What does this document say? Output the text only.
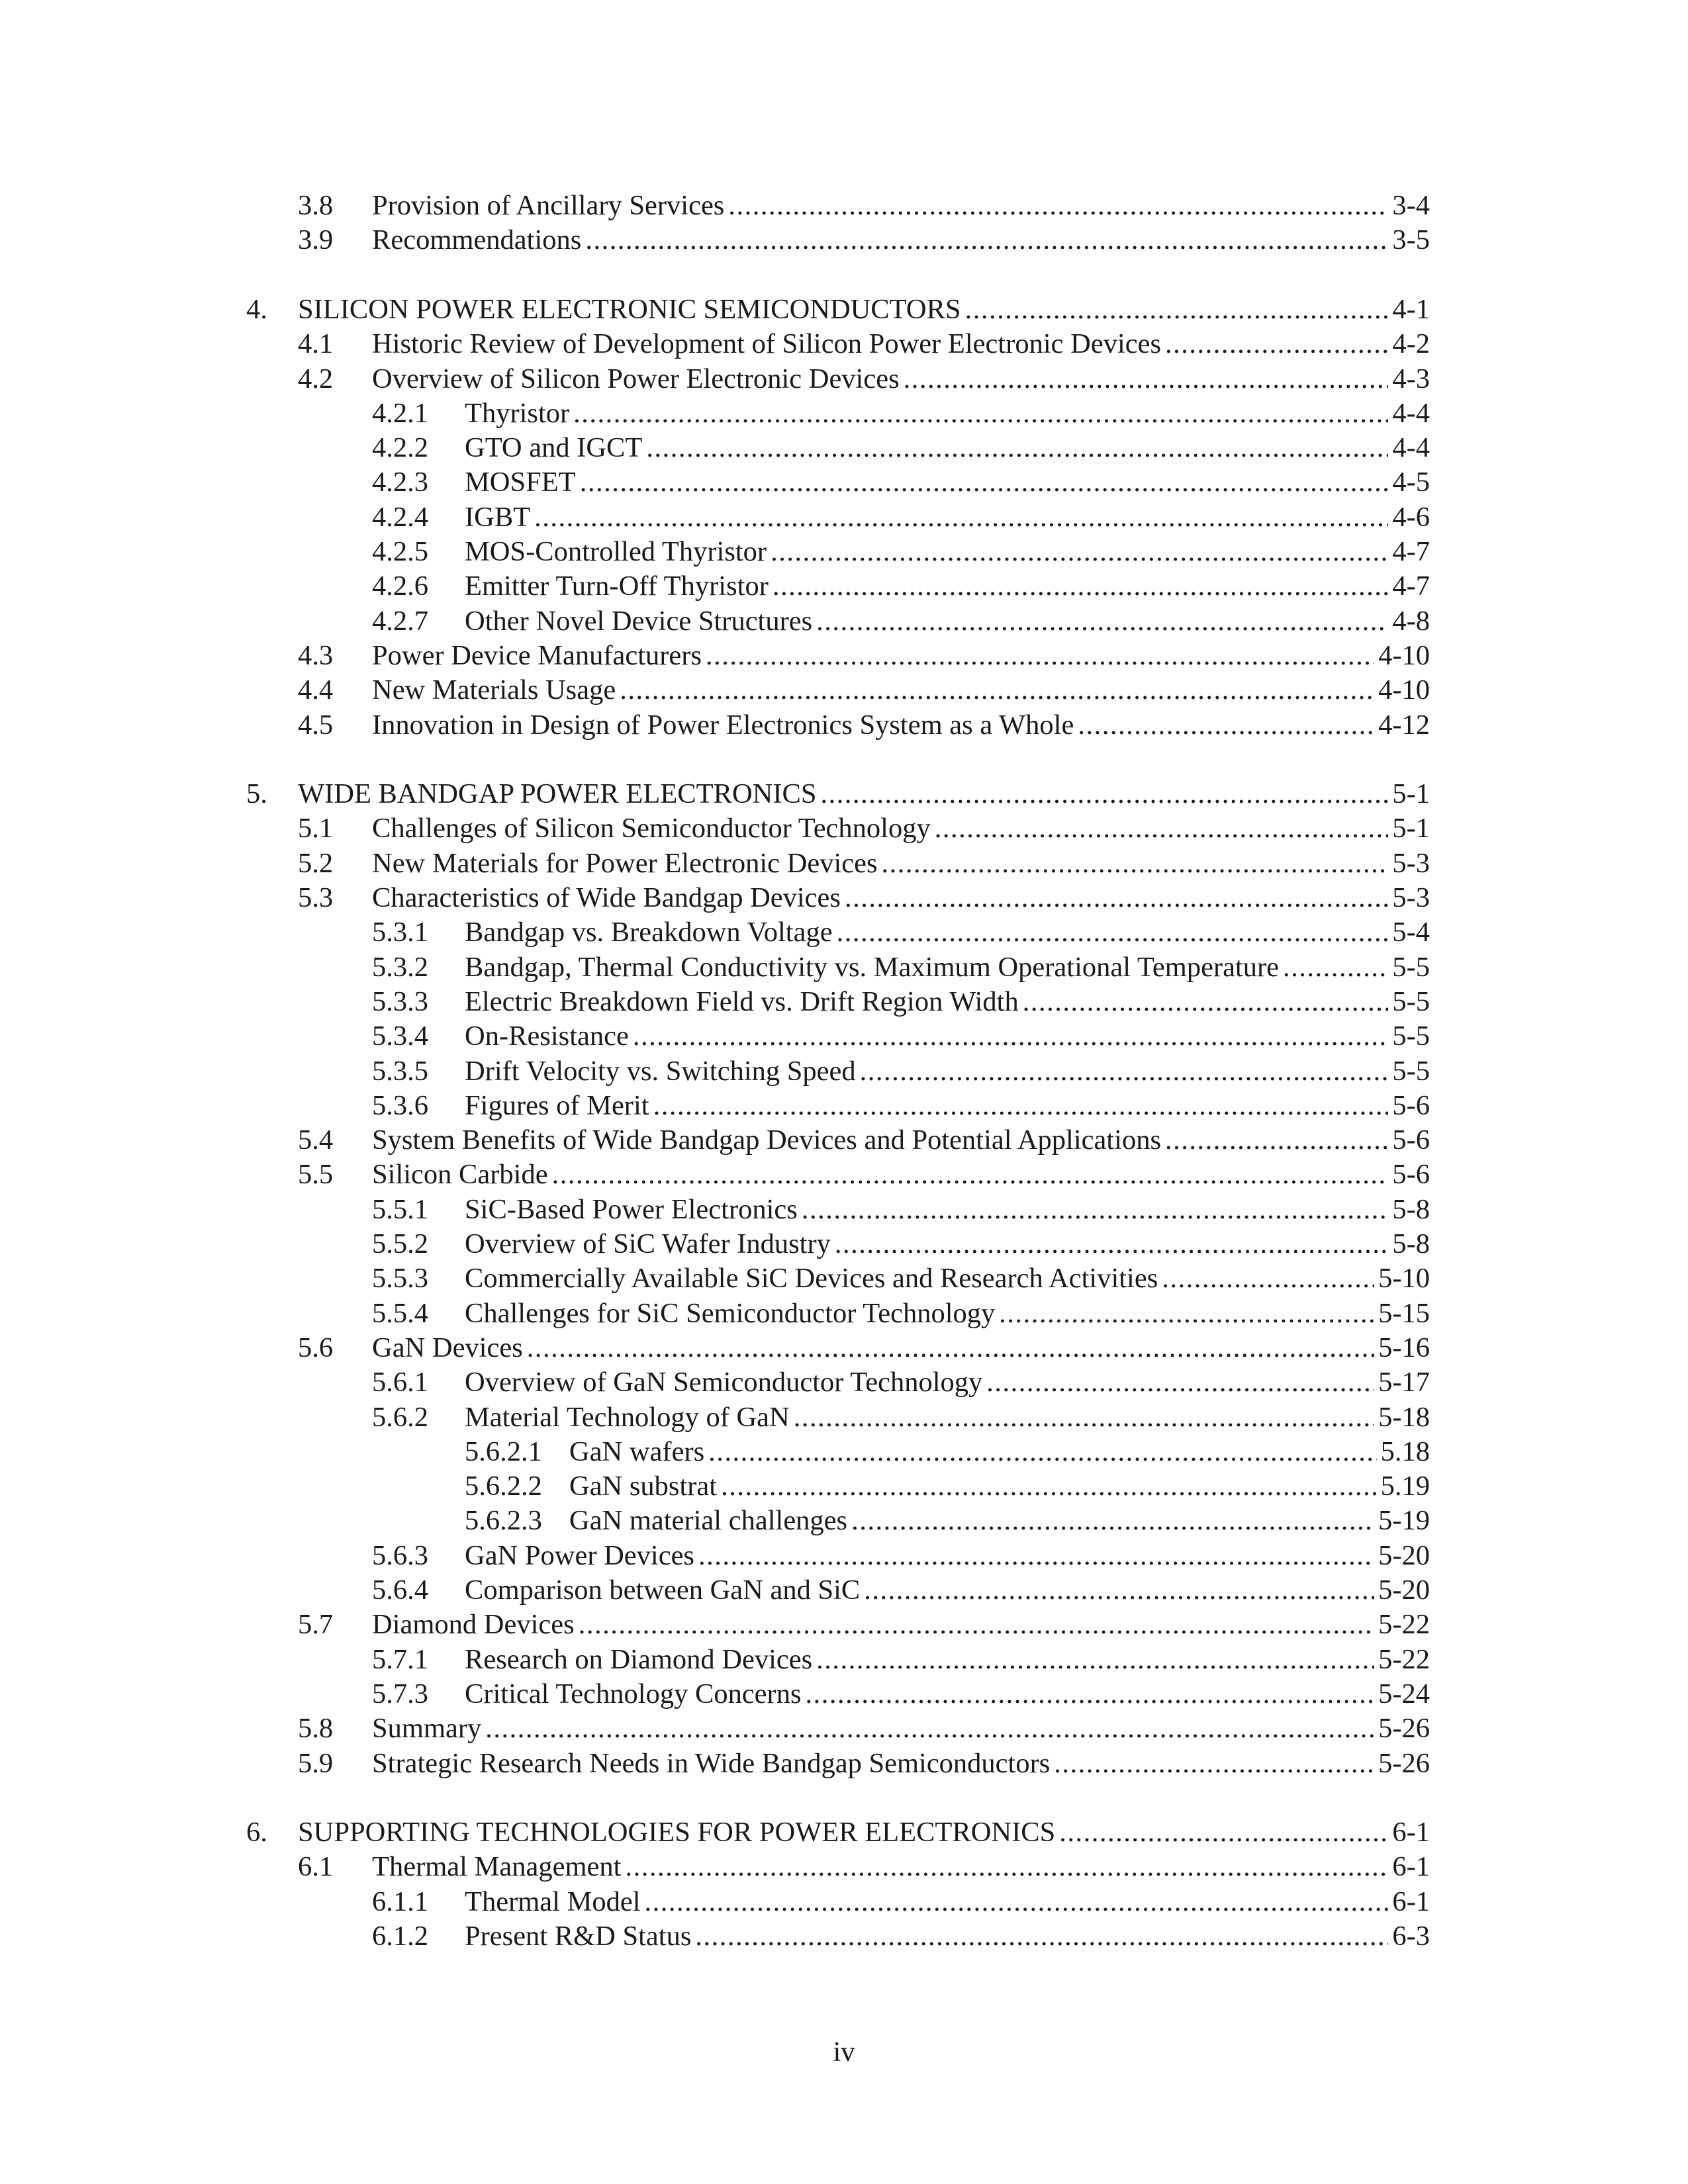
3.8 Provision of Ancillary Services .....	3-4
3.9 Recommendations .....	3-5
4. SILICON POWER ELECTRONIC SEMICONDUCTORS .....	4-1
4.1 Historic Review of Development of Silicon Power Electronic Devices .....	4-2
4.2 Overview of Silicon Power Electronic Devices .....	4-3
4.2.1 Thyristor .....	4-4
4.2.2 GTO and IGCT .....	4-4
4.2.3 MOSFET .....	4-5
4.2.4 IGBT .....	4-6
4.2.5 MOS-Controlled Thyristor .....	4-7
4.2.6 Emitter Turn-Off Thyristor .....	4-7
4.2.7 Other Novel Device Structures .....	4-8
4.3 Power Device Manufacturers .....	4-10
4.4 New Materials Usage .....	4-10
4.5 Innovation in Design of Power Electronics System as a Whole .....	4-12
5. WIDE BANDGAP POWER ELECTRONICS .....	5-1
5.1 Challenges of Silicon Semiconductor Technology .....	5-1
5.2 New Materials for Power Electronic Devices .....	5-3
5.3 Characteristics of Wide Bandgap Devices .....	5-3
5.3.1 Bandgap vs. Breakdown Voltage .....	5-4
5.3.2 Bandgap, Thermal Conductivity vs. Maximum Operational Temperature .....	5-5
5.3.3 Electric Breakdown Field vs. Drift Region Width .....	5-5
5.3.4 On-Resistance .....	5-5
5.3.5 Drift Velocity vs. Switching Speed .....	5-5
5.3.6 Figures of Merit .....	5-6
5.4 System Benefits of Wide Bandgap Devices and Potential Applications .....	5-6
5.5 Silicon Carbide .....	5-6
5.5.1 SiC-Based Power Electronics .....	5-8
5.5.2 Overview of SiC Wafer Industry .....	5-8
5.5.3 Commercially Available SiC Devices and Research Activities .....	5-10
5.5.4 Challenges for SiC Semiconductor Technology .....	5-15
5.6 GaN Devices .....	5-16
5.6.1 Overview of GaN Semiconductor Technology .....	5-17
5.6.2 Material Technology of GaN .....	5-18
5.6.2.1 GaN wafers .....	5.18
5.6.2.2 GaN substrat .....	5.19
5.6.2.3 GaN material challenges .....	5-19
5.6.3 GaN Power Devices .....	5-20
5.6.4 Comparison between GaN and SiC .....	5-20
5.7 Diamond Devices .....	5-22
5.7.1 Research on Diamond Devices .....	5-22
5.7.3 Critical Technology Concerns .....	5-24
5.8 Summary .....	5-26
5.9 Strategic Research Needs in Wide Bandgap Semiconductors .....	5-26
6. SUPPORTING TECHNOLOGIES FOR POWER ELECTRONICS .....	6-1
6.1 Thermal Management .....	6-1
6.1.1 Thermal Model .....	6-1
6.1.2 Present R&D Status .....	6-3
iv
